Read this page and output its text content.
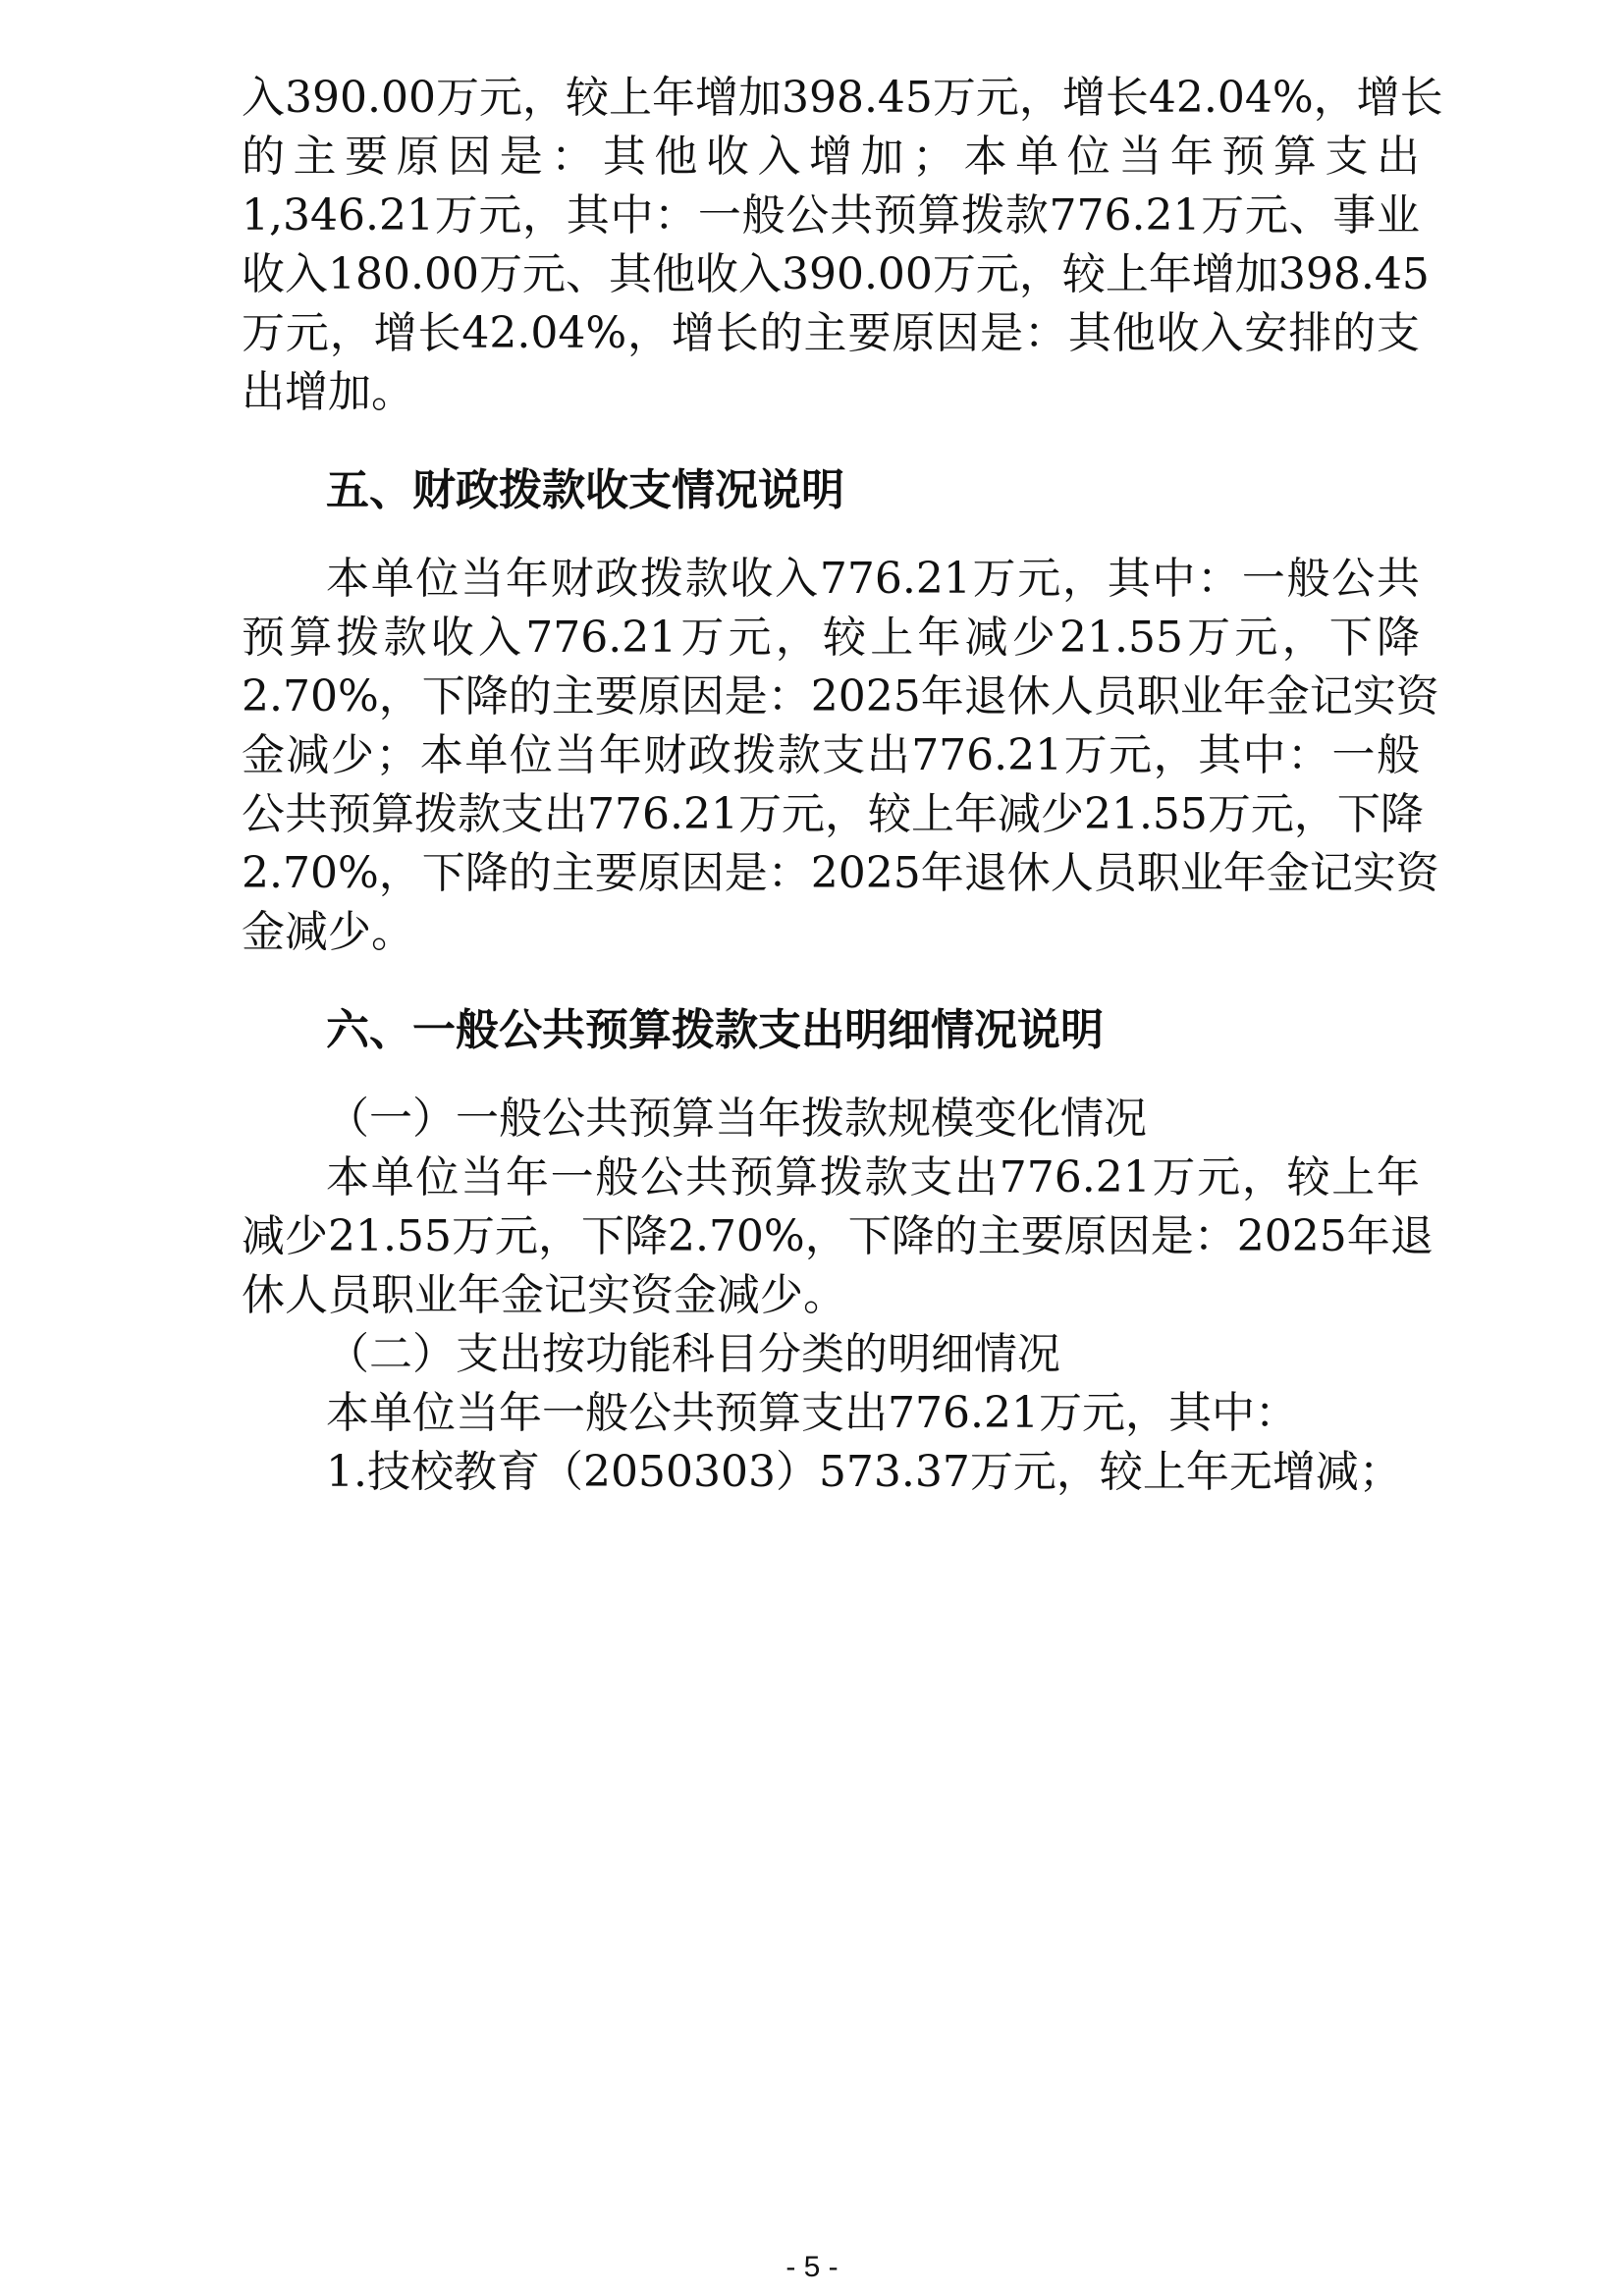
入390.00万元，较上年增加398.45万元，增长42.04%，增长
的主要原因是：其他收入增加；本单位当年预算支出
1,346.21万元，其中：一般公共预算拨款776.21万元、事业
收入180.00万元、其他收入390.00万元，较上年增加398.45
万元，增长42.04%，增长的主要原因是：其他收入安排的支
出增加。
五、财政拨款收支情况说明
本单位当年财政拨款收入776.21万元，其中：一般公共
预算拨款收入776.21万元，较上年减少21.55万元，下降
2.70%，下降的主要原因是：2025年退休人员职业年金记实资
金减少；本单位当年财政拨款支出776.21万元，其中：一般
公共预算拨款支出776.21万元，较上年减少21.55万元，下降
2.70%，下降的主要原因是：2025年退休人员职业年金记实资
金减少。
六、一般公共预算拨款支出明细情况说明
（一）一般公共预算当年拨款规模变化情况
本单位当年一般公共预算拨款支出776.21万元，较上年
减少21.55万元，下降2.70%，下降的主要原因是：2025年退
休人员职业年金记实资金减少。
（二）支出按功能科目分类的明细情况
本单位当年一般公共预算支出776.21万元，其中：
1.技校教育（2050303）573.37万元，较上年无增减；
- 5 -
